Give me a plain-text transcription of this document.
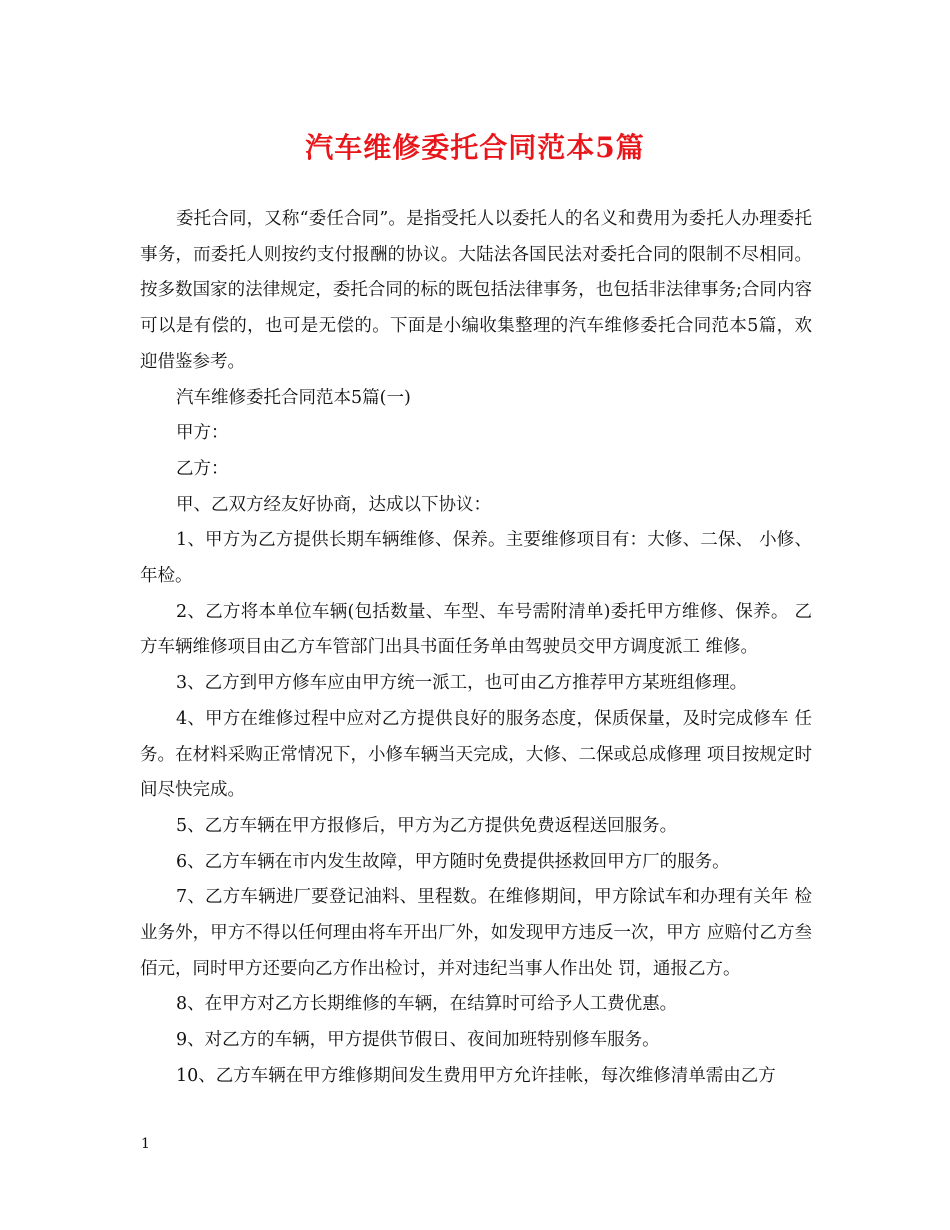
汽车维修委托合同范本5篇

委托合同，又称“委任合同”。是指受托人以委托人的名义和费用为委托人办理委托事务，而委托人则按约支付报酬的协议。大陆法各国民法对委托合同的限制不尽相同。按多数国家的法律规定，委托合同的标的既包括法律事务，也包括非法律事务;合同内容可以是有偿的，也可是无偿的。下面是小编收集整理的汽车维修委托合同范本5篇，欢迎借鉴参考。

汽车维修委托合同范本5篇(一)

甲方：

乙方：

甲、乙双方经友好协商，达成以下协议：

1、甲方为乙方提供长期车辆维修、保养。主要维修项目有：大修、二保、 小修、年检。

2、乙方将本单位车辆(包括数量、车型、车号需附清单)委托甲方维修、保养。 乙方车辆维修项目由乙方车管部门出具书面任务单由驾驶员交甲方调度派工 维修。

3、乙方到甲方修车应由甲方统一派工，也可由乙方推荐甲方某班组修理。

4、甲方在维修过程中应对乙方提供良好的服务态度，保质保量，及时完成修车 任务。在材料采购正常情况下，小修车辆当天完成，大修、二保或总成修理 项目按规定时间尽快完成。

5、乙方车辆在甲方报修后，甲方为乙方提供免费返程送回服务。

6、乙方车辆在市内发生故障，甲方随时免费提供拯救回甲方厂的服务。

7、乙方车辆进厂要登记油料、里程数。在维修期间，甲方除试车和办理有关年 检业务外，甲方不得以任何理由将车开出厂外，如发现甲方违反一次，甲方 应赔付乙方叁佰元，同时甲方还要向乙方作出检讨，并对违纪当事人作出处 罚，通报乙方。

8、在甲方对乙方长期维修的车辆，在结算时可给予人工费优惠。

9、对乙方的车辆，甲方提供节假日、夜间加班特别修车服务。

10、乙方车辆在甲方维修期间发生费用甲方允许挂帐，每次维修清单需由乙方

1
